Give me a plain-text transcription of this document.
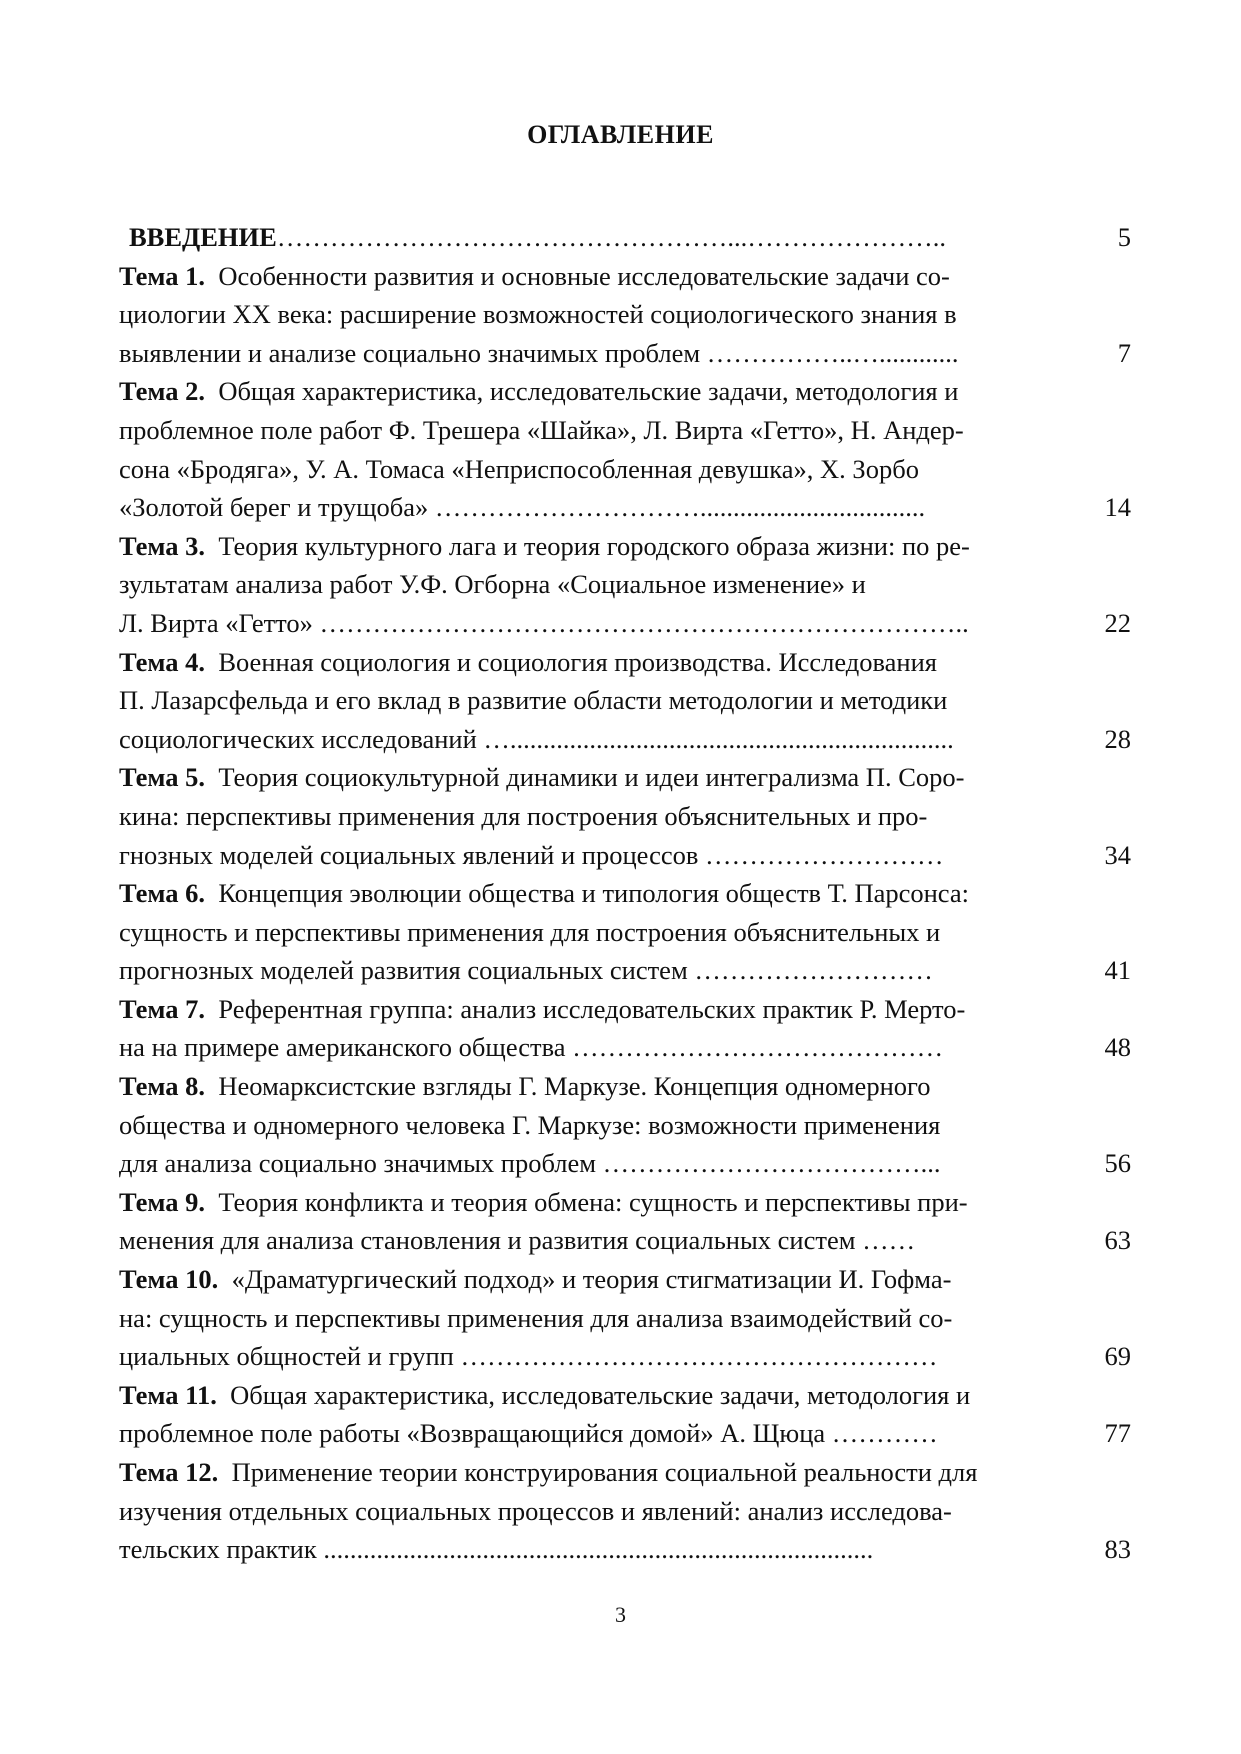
ОГЛАВЛЕНИЕ
ВВЕДЕНИЕ……………………………………………...…………………..	5
Тема 1. Особенности развития и основные исследовательские задачи со-
циологии XX века: расширение возможностей социологического знания в
выявлении и анализе социально значимых проблем ……………..…............	7
Тема 2. Общая характеристика, исследовательские задачи, методология и
проблемное поле работ Ф. Трешера «Шайка», Л. Вирта «Гетто», Н. Андер-
сона «Бродяга», У. А. Томаса «Неприспособленная девушка», Х. Зорбо
«Золотой берег и трущоба» …………………………..................................	14
Тема 3. Теория культурного лага и теория городского образа жизни: по ре-
зультатам анализа работ У.Ф. Огборна «Социальное изменение» и
Л. Вирта «Гетто» ………………………………………………………………..	22
Тема 4. Военная социология и социология производства. Исследования
П. Лазарсфельда и его вклад в развитие области методологии и методики
социологических исследований …...................................................................	28
Тема 5. Теория социокультурной динамики и идеи интегрализма П. Соро-
кина: перспективы применения для построения объяснительных и про-
гнозных моделей социальных явлений и процессов ………………………	34
Тема 6. Концепция эволюции общества и типология обществ Т. Парсонса:
сущность и перспективы применения для построения объяснительных и
прогнозных моделей развития социальных систем ………………………	41
Тема 7. Референтная группа: анализ исследовательских практик Р. Мерто-
на на примере американского общества ……………………………………	48
Тема 8. Неомарксистские взгляды Г. Маркузе. Концепция одномерного
общества и одномерного человека Г. Маркузе: возможности применения
для анализа социально значимых проблем ………………………………...	56
Тема 9. Теория конфликта и теория обмена: сущность и перспективы при-
менения для анализа становления и развития социальных систем ……	63
Тема 10. «Драматургический подход» и теория стигматизации И. Гофма-
на: сущность и перспективы применения для анализа взаимодействий со-
циальных общностей и групп ………………………………………………	69
Тема 11. Общая характеристика, исследовательские задачи, методология и
проблемное поле работы «Возвращающийся домой» А. Щюца …………	77
Тема 12. Применение теории конструирования социальной реальности для
изучения отдельных социальных процессов и явлений: анализ исследова-
тельских практик ...................................................................................	83
3
